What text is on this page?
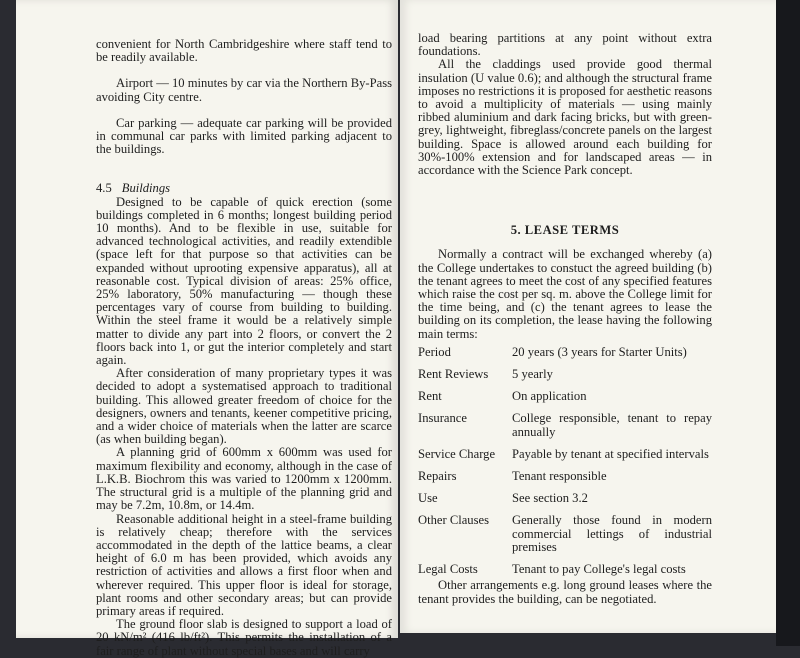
convenient for North Cambridgeshire where staff tend to be readily available.

Airport — 10 minutes by car via the Northern By-Pass avoiding City centre.

Car parking — adequate car parking will be provided in communal car parks with limited parking adjacent to the buildings.

4.5 Buildings

Designed to be capable of quick erection (some buildings completed in 6 months; longest building period 10 months). And to be flexible in use, suitable for advanced technological activities, and readily extendible (space left for that purpose so that activities can be expanded without uprooting expensive apparatus), all at reasonable cost. Typical division of areas: 25% office, 25% laboratory, 50% manufacturing — though these percentages vary of course from building to building. Within the steel frame it would be a relatively simple matter to divide any part into 2 floors, or convert the 2 floors back into 1, or gut the interior completely and start again.

After consideration of many proprietary types it was decided to adopt a systematised approach to traditional building. This allowed greater freedom of choice for the designers, owners and tenants, keener competitive pricing, and a wider choice of materials when the latter are scarce (as when building began).

A planning grid of 600mm x 600mm was used for maximum flexibility and economy, although in the case of L.K.B. Biochrom this was varied to 1200mm x 1200mm. The structural grid is a multiple of the planning grid and may be 7.2m, 10.8m, or 14.4m.

Reasonable additional height in a steel-frame building is relatively cheap; therefore with the services accommodated in the depth of the lattice beams, a clear height of 6.0 m has been provided, which avoids any restriction of activities and allows a first floor when and wherever required. This upper floor is ideal for storage, plant rooms and other secondary areas; but can provide primary areas if required.

The ground floor slab is designed to support a load of 20 kN/m² (416 lb/ft²). This permits the installation of a fair range of plant without special bases and will carry

load bearing partitions at any point without extra foundations.

All the claddings used provide good thermal insulation (U value 0.6); and although the structural frame imposes no restrictions it is proposed for aesthetic reasons to avoid a multiplicity of materials — using mainly ribbed aluminium and dark facing bricks, but with green-grey, lightweight, fibreglass/concrete panels on the largest building. Space is allowed around each building for 30%-100% extension and for landscaped areas — in accordance with the Science Park concept.

5. LEASE TERMS

Normally a contract will be exchanged whereby (a) the College undertakes to constuct the agreed building (b) the tenant agrees to meet the cost of any specified features which raise the cost per sq. m. above the College limit for the time being, and (c) the tenant agrees to lease the building on its completion, the lease having the following main terms:

Period	20 years (3 years for Starter Units)
Rent Reviews	5 yearly
Rent	On application
Insurance	College responsible, tenant to repay annually
Service Charge	Payable by tenant at specified intervals
Repairs	Tenant responsible
Use	See section 3.2
Other Clauses	Generally those found in modern commercial lettings of industrial premises
Legal Costs	Tenant to pay College's legal costs

Other arrangements e.g. long ground leases where the tenant provides the building, can be negotiated.
